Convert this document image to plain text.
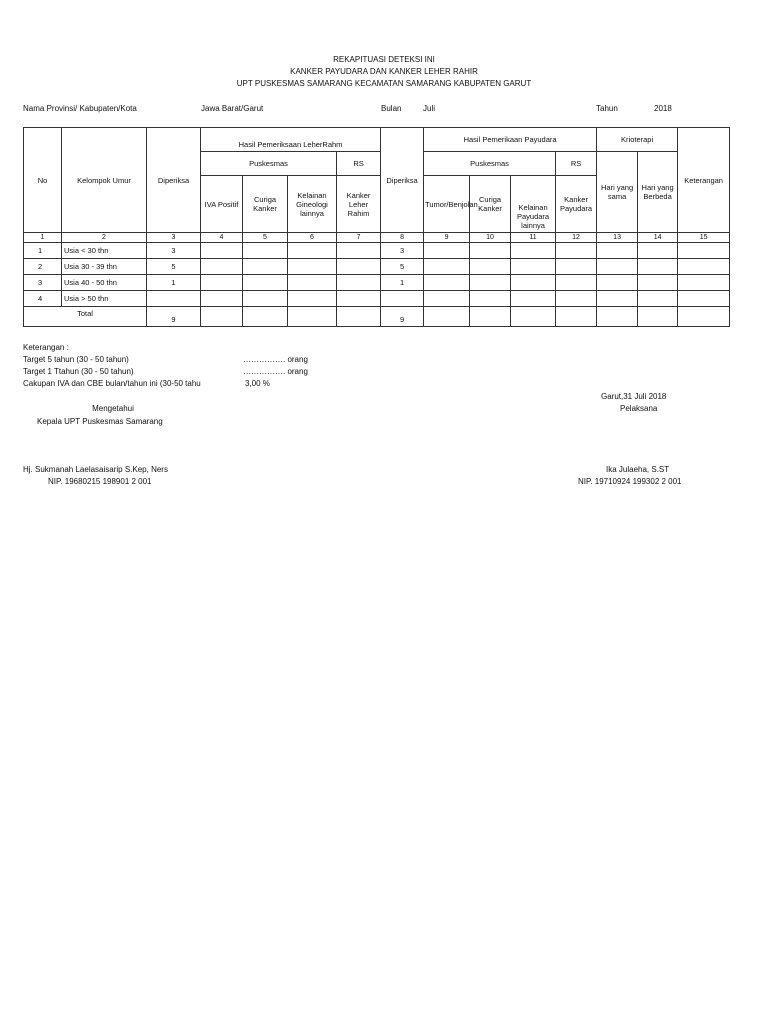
REKAPITUASI DETEKSI INI
KANKER PAYUDARA DAN KANKER LEHER RAHIR
UPT PUSKESMAS SAMARANG KECAMATAN SAMARANG KABUPATEN GARUT
Nama Provinsi/ Kabupaten/Kota	Jawa Barat/Garut	Bulan	Juli	Tahun	2018
No	Kelompok Umur	Diperiksa	Hasil Pemeriksaan LeherRahm				Diperiksa	Hasil Pemerikaan Payudara				Krioterapi		Keterangan
			Puskesmas			RS		Puskesmas			RS	Hari yang sama	Hari yang Berbeda	
			IVA Positif	Curiga Kanker	Kelainan Gineologi lainnya	Kanker Leher Rahim		Tumor/Benjolan	Curiga Kanker	Kelainan Payudara lainnya	Kanker Payudara			
1	2	3	4	5	6	7	8	9	10	11	12	13	14	15
1	Usia < 30 thn	3					3							
2	Usia 30 - 39 thn	5					5							
3	Usia 40 - 50 thn	1					1							
4	Usia > 50 thn													
Total		9					9							
Keterangan :
Target 5 tahun (30 - 50 tahun)	……………. orang
Target 1 Ttahun (30 - 50 tahun)	……………. orang
Cakupan IVA dan CBE bulan/tahun ini (30-50 tahu	3,00 %
Garut,31 Juli 2018
Mengetahui	Pelaksana
Kepala UPT Puskesmas Samarang
Hj. Sukmanah Laelasaisarip S.Kep, Ners
NIP. 19680215 198901 2 001
Ika Julaeha, S.ST
NIP. 19710924 199302 2 001
